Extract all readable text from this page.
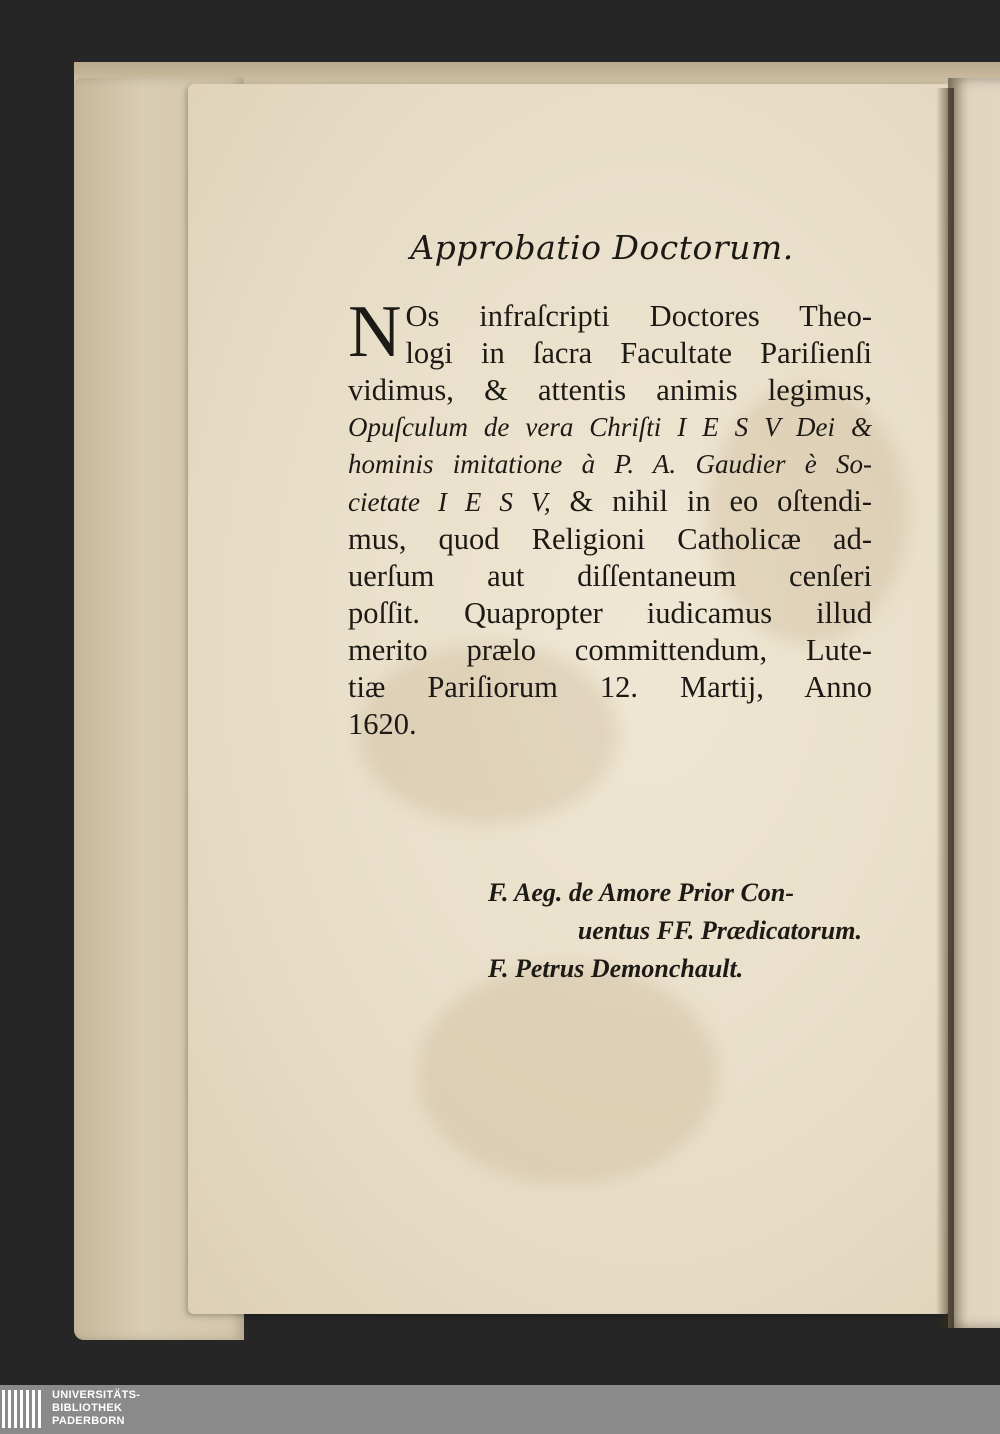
Approbatio Doctorum.
N Os infraſcripti Doctores Theo-
logi in ſacra Facultate Pariſienſi
vidimus, & attentis animis legimus,
Opuſculum de vera Chriſti I E S V Dei &
hominis imitatione à P. A. Gaudier è So-
cietate I E S V, & nihil in eo oſtendi-
mus, quod Religioni Catholicæ ad-
uerſum aut diſſentaneum cenſeri
poſſit. Quapropter iudicamus illud
merito prælo committendum, Lute-
tiæ Pariſiorum 12. Martij, Anno
1620.
F. Aeg. de Amore Prior Con-
uentus FF. Prædicatorum.
F. Petrus Demonchault.
UNIVERSITÄTS-
BIBLIOTHEK
PADERBORN
